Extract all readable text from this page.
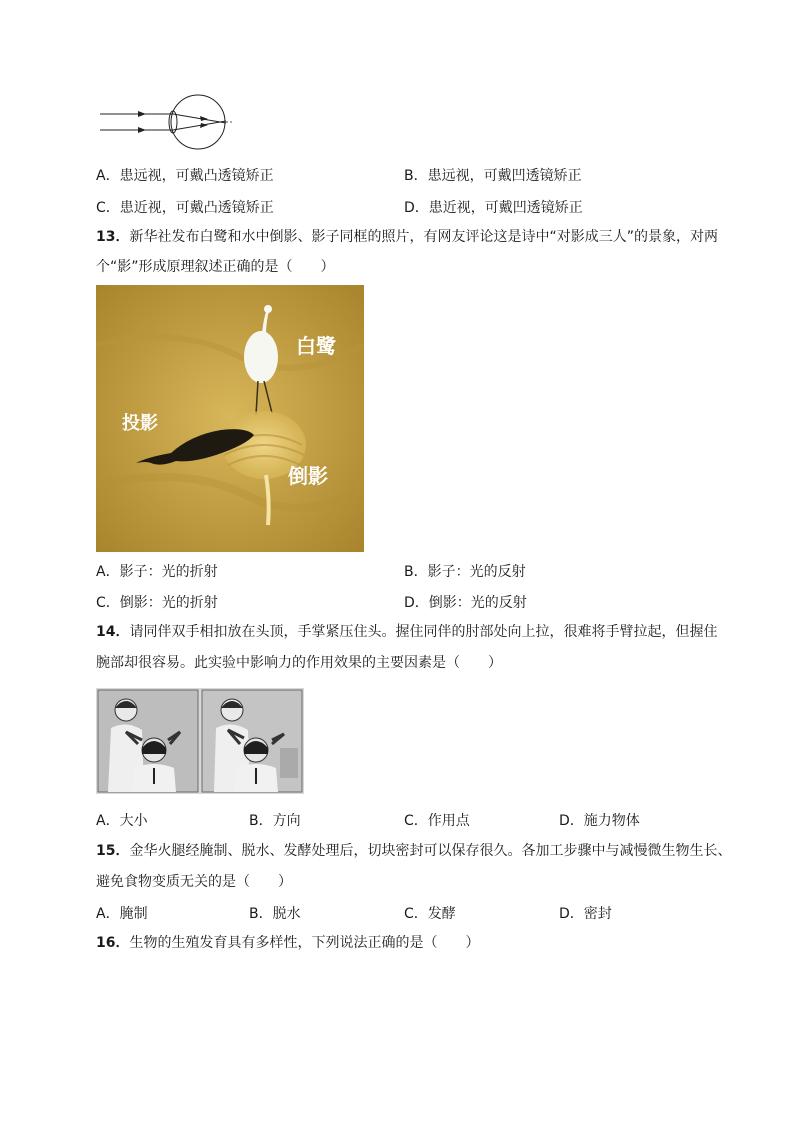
A．患远视，可戴凸透镜矫正	B．患远视，可戴凹透镜矫正
C．患近视，可戴凸透镜矫正	D．患近视，可戴凹透镜矫正
13．新华社发布白鹭和水中倒影、影子同框的照片，有网友评论这是诗中“对影成三人”的景象，对两
个“影”形成原理叙述正确的是（　　）
白鹭
投影
倒影
A．影子：光的折射	B．影子：光的反射
C．倒影：光的折射	D．倒影：光的反射
14．请同伴双手相扣放在头顶，手掌紧压住头。握住同伴的肘部处向上拉，很难将手臂拉起，但握住
腕部却很容易。此实验中影响力的作用效果的主要因素是（　　）
A．大小	B．方向	C．作用点	D．施力物体
15．金华火腿经腌制、脱水、发酵处理后，切块密封可以保存很久。各加工步骤中与减慢微生物生长、
避免食物变质无关的是（　　）
A．腌制	B．脱水	C．发酵	D．密封
16．生物的生殖发育具有多样性，下列说法正确的是（　　）
